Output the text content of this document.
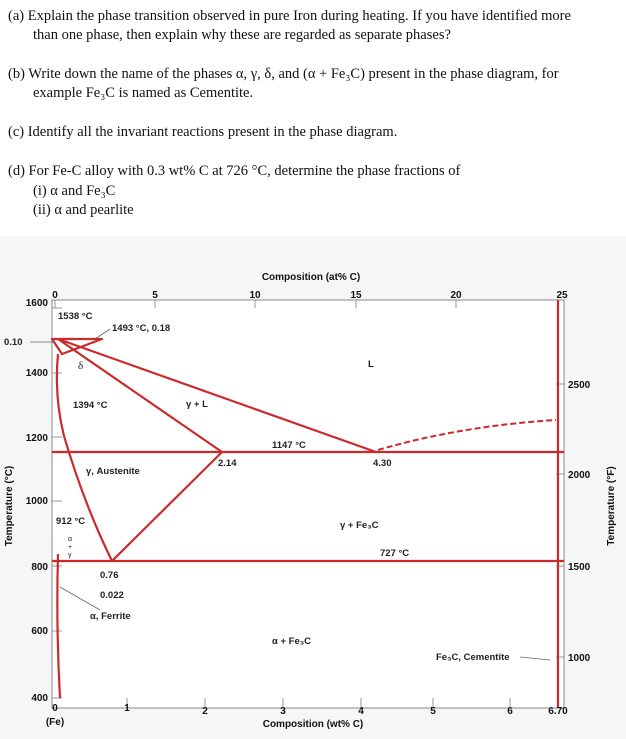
(a) Explain the phase transition observed in pure Iron during heating. If you have identified more
than one phase, then explain why these are regarded as separate phases?
(b) Write down the name of the phases α, γ, δ, and (α + Fe₃C) present in the phase diagram, for
example Fe₃C is named as Cementite.
(c) Identify all the invariant reactions present in the phase diagram.
(d) For Fe-C alloy with 0.3 wt% C at 726 °C, determine the phase fractions of
(i) α and Fe₃C
(ii) α and pearlite
0	5	10	15	20	25
Composition (at% C)
1600
1400
1200
1000
800
600
400
Temperature (°C)
2500
2000
1500
1000
Temperature (°F)
0	1	2	3	4	5	6	6.70
(Fe)	Composition (wt% C)
1538 °C
1493 °C, 0.18
0.10
δ
1394 °C	γ + L
L
1147 °C
2.14	4.30
γ, Austenite
912 °C	γ + Fe₃C
727 °C
α
+
γ
0.76
0.022
α, Ferrite
α + Fe₃C
Fe₃C, Cementite
